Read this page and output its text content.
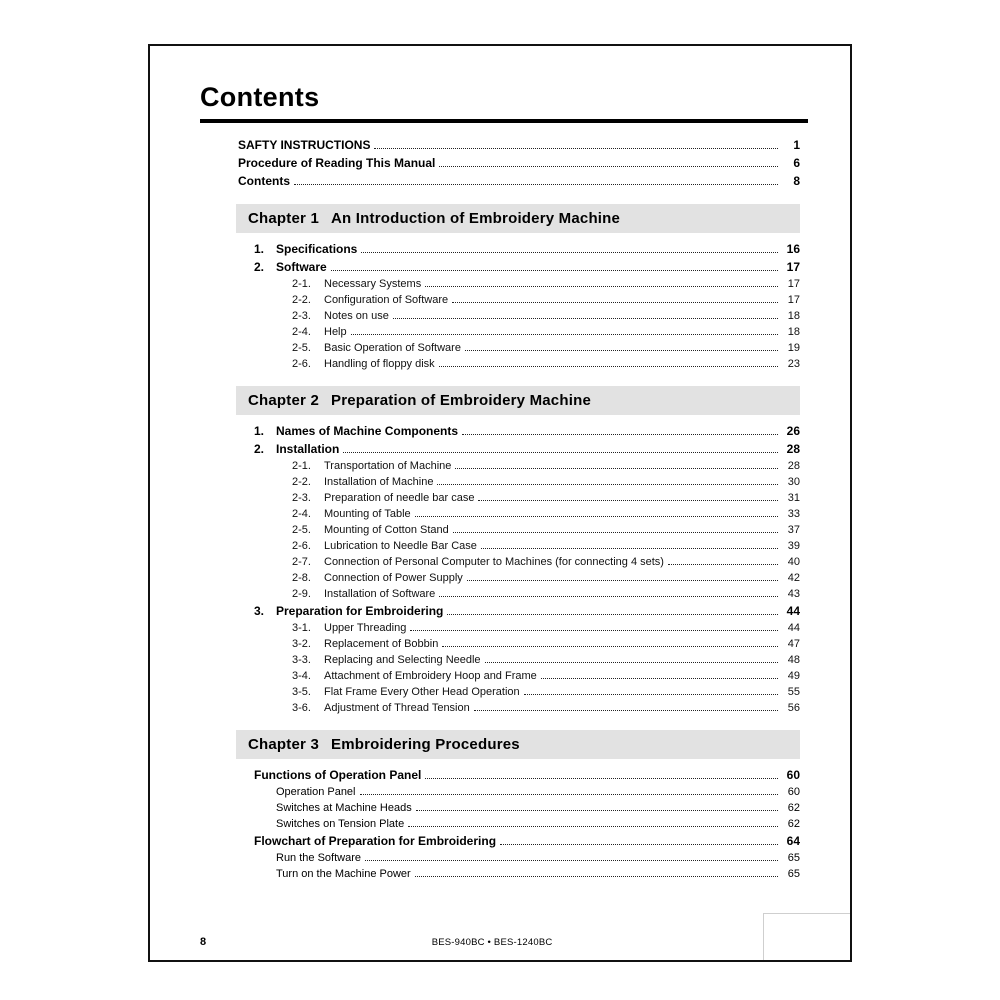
Contents
SAFTY INSTRUCTIONS	1
Procedure of Reading This Manual	6
Contents	8
Chapter 1 An Introduction of Embroidery Machine
1. Specifications	16
2. Software	17
2-1.	Necessary Systems	17
2-2.	Configuration of Software	17
2-3.	Notes on use	18
2-4.	Help	18
2-5.	Basic Operation of Software	19
2-6.	Handling of floppy disk	23
Chapter 2 Preparation of Embroidery Machine
1. Names of Machine Components	26
2. Installation	28
2-1.	Transportation of Machine	28
2-2.	Installation of Machine	30
2-3.	Preparation of needle bar case	31
2-4.	Mounting of Table	33
2-5.	Mounting of Cotton Stand	37
2-6.	Lubrication to Needle Bar Case	39
2-7.	Connection of Personal Computer to Machines (for connecting 4 sets)	40
2-8.	Connection of Power Supply	42
2-9.	Installation of Software	43
3. Preparation for Embroidering	44
3-1.	Upper Threading	44
3-2.	Replacement of Bobbin	47
3-3.	Replacing and Selecting Needle	48
3-4.	Attachment of Embroidery Hoop and Frame	49
3-5.	Flat Frame Every Other Head Operation	55
3-6.	Adjustment of Thread Tension	56
Chapter 3 Embroidering Procedures
Functions of Operation Panel	60
Operation Panel	60
Switches at Machine Heads	62
Switches on Tension Plate	62
Flowchart of Preparation for Embroidering	64
Run the Software	65
Turn on the Machine Power	65
8	BES-940BC • BES-1240BC
